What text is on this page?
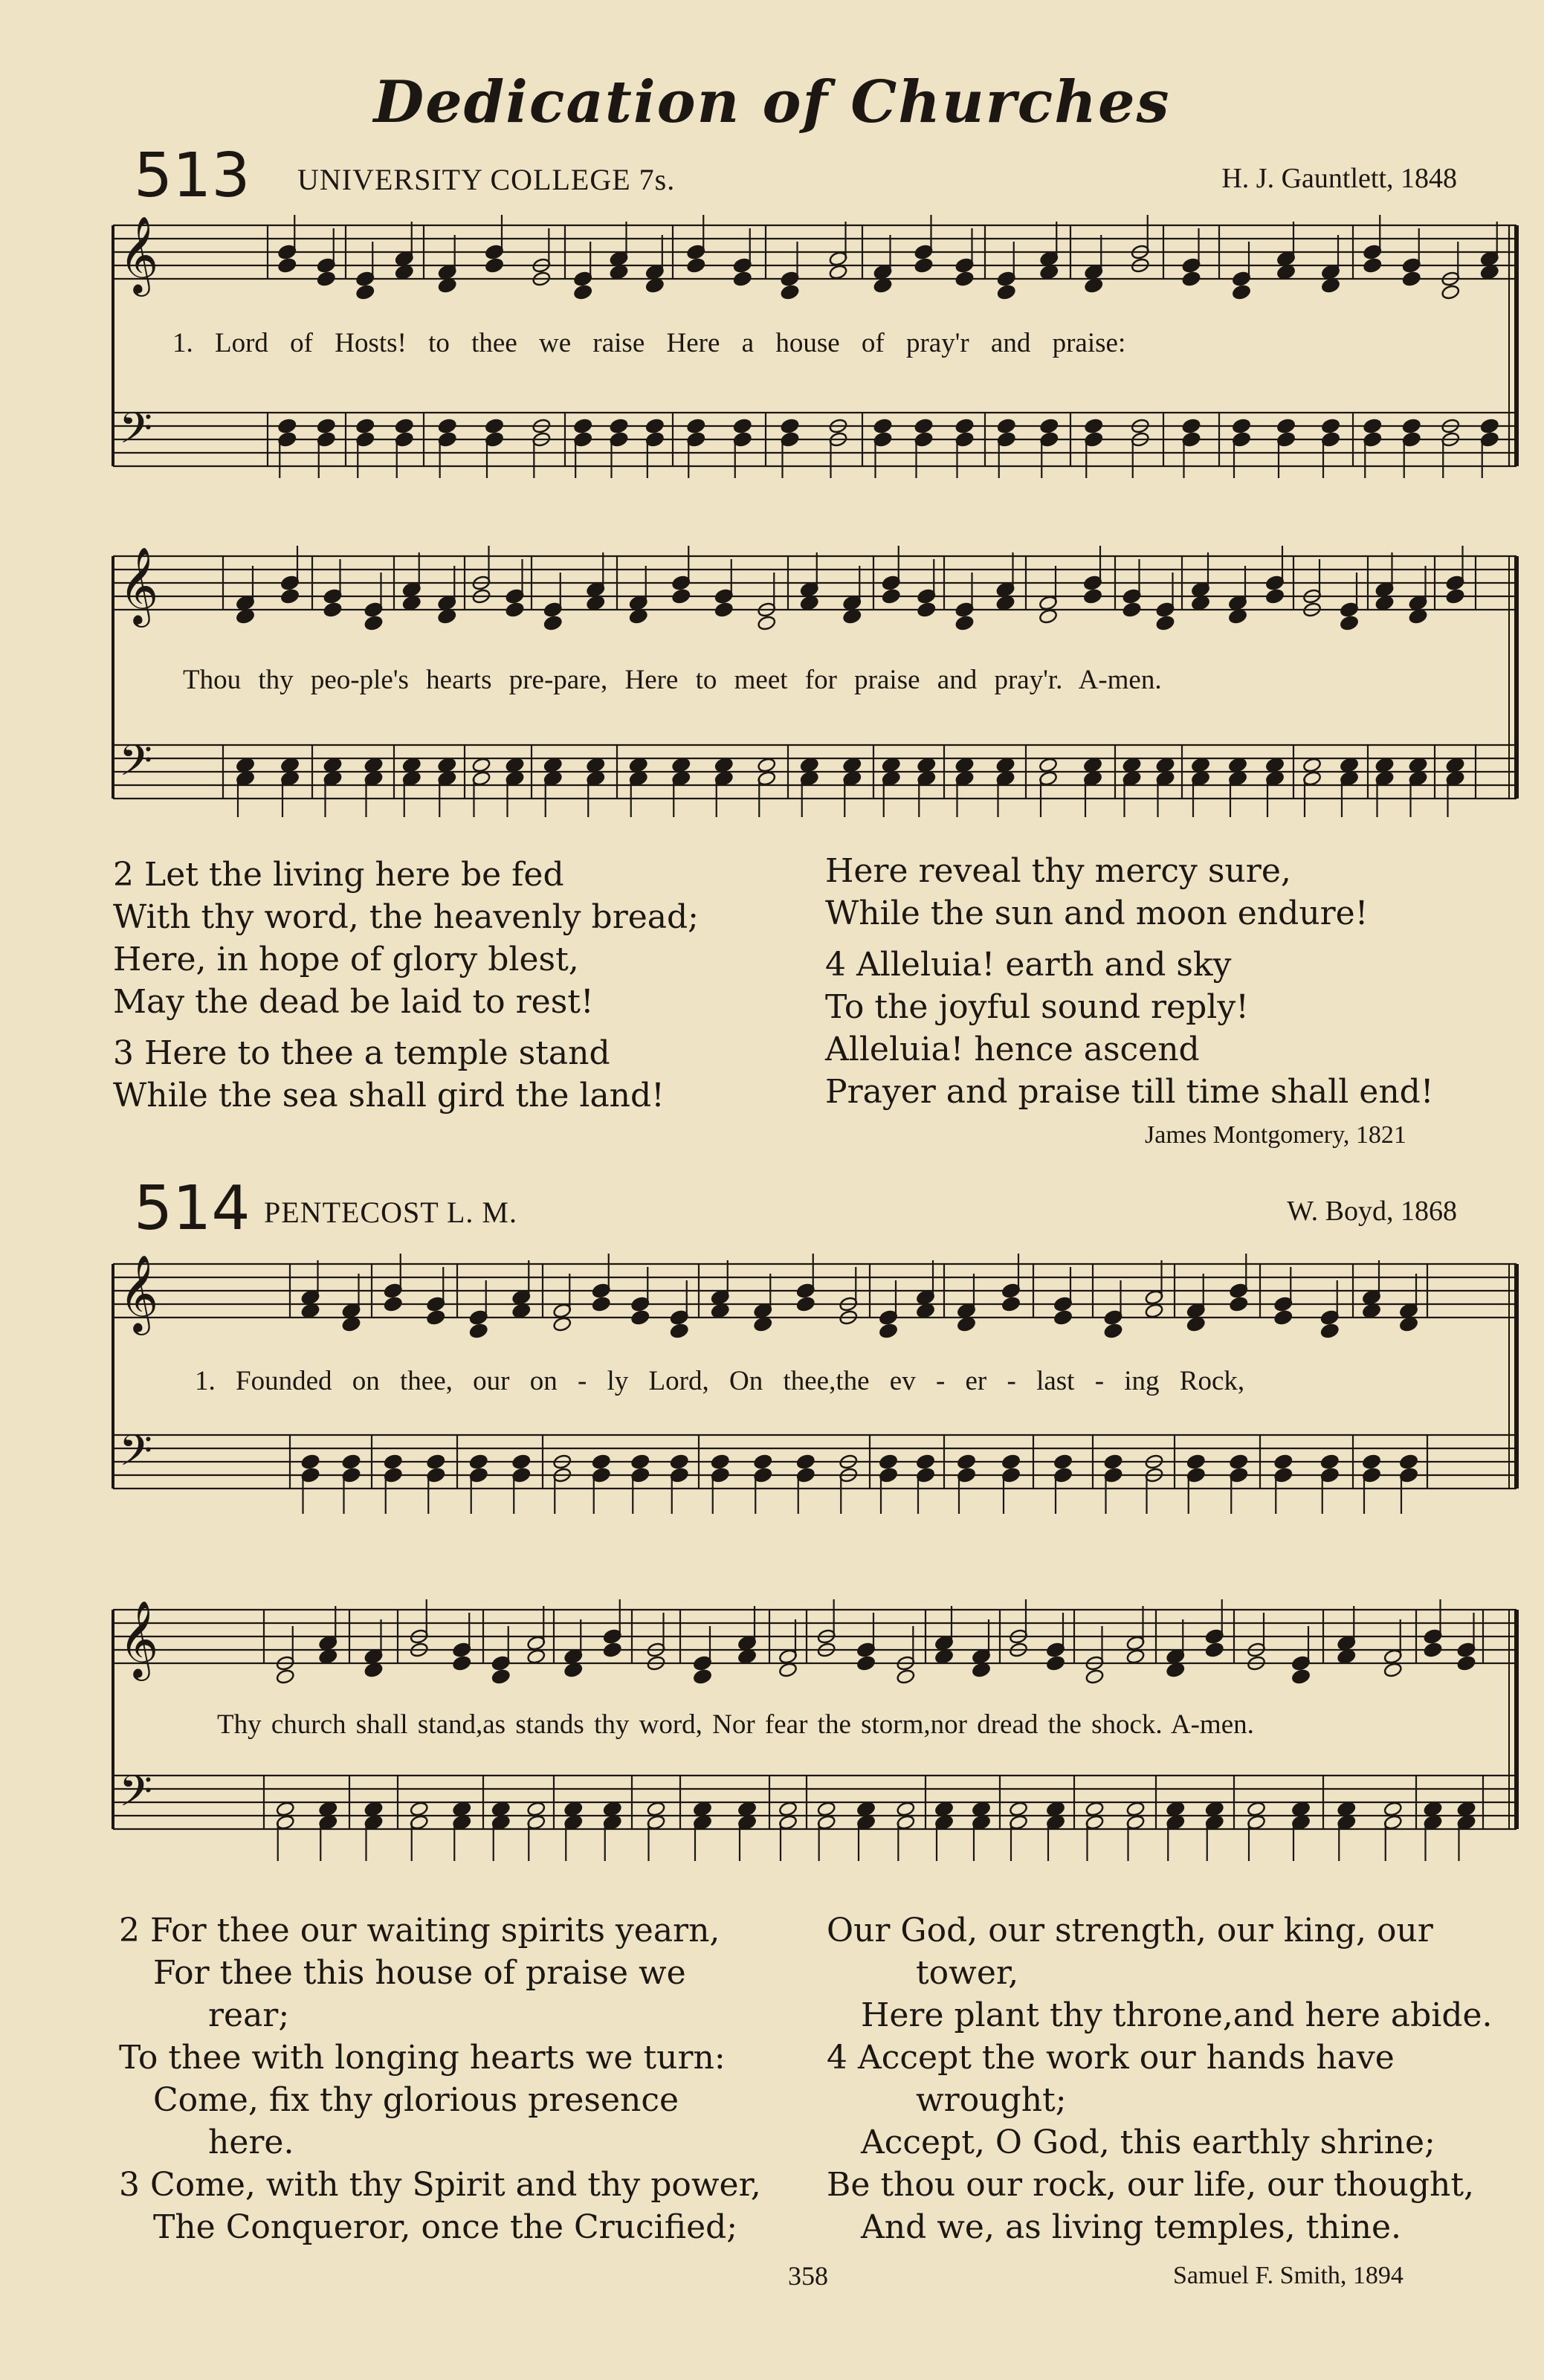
Dedication of Churches
513 UNIVERSITY COLLEGE 7s.	H. J. Gauntlett, 1848
𝄞
𝄢
𝄞
𝄢
𝄞
𝄢
𝄞
𝄢
1. Lord of Hosts! to thee we raise Here a house of pray'r and praise:
Thou thy peo-ple's hearts pre-pare, Here to meet for praise and pray'r. A-men.
2 Let the living here be fed
With thy word, the heavenly bread;
Here, in hope of glory blest,
May the dead be laid to rest!
3 Here to thee a temple stand
While the sea shall gird the land!
Here reveal thy mercy sure,
While the sun and moon endure!
4 Alleluia! earth and sky
To the joyful sound reply!
Alleluia! hence ascend
Prayer and praise till time shall end!
James Montgomery, 1821
514 PENTECOST L. M.	W. Boyd, 1868
1. Founded on thee, our on - ly Lord, On thee,the ev - er - last - ing Rock,
Thy church shall stand,as stands thy word, Nor fear the storm,nor dread the shock. A-men.
2 For thee our waiting spirits yearn,
For thee this house of praise we
rear;
To thee with longing hearts we turn:
Come, fix thy glorious presence
here.
3 Come, with thy Spirit and thy power,
The Conqueror, once the Crucified;
Our God, our strength, our king, our
tower,
Here plant thy throne,and here abide.
4 Accept the work our hands have
wrought;
Accept, O God, this earthly shrine;
Be thou our rock, our life, our thought,
And we, as living temples, thine.
358	Samuel F. Smith, 1894
